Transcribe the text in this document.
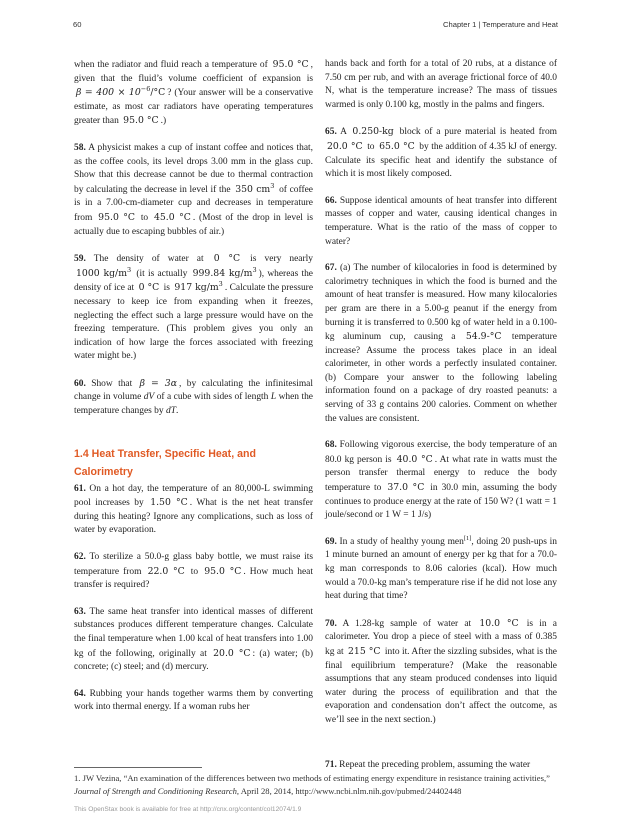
60	Chapter 1 | Temperature and Heat

when the radiator and fluid reach a temperature of 95.0 °C , given that the fluid’s volume coefficient of expansion is $\beta = 400 \times 10^{-6}/^\circ C$ ? (Your answer will be a conservative estimate, as most car radiators have operating temperatures greater than 95.0 °C .)

58. A physicist makes a cup of instant coffee and notices that, as the coffee cools, its level drops 3.00 mm in the glass cup. Show that this decrease cannot be due to thermal contraction by calculating the decrease in level if the 350 $cm^3$ of coffee is in a 7.00-cm-diameter cup and decreases in temperature from 95.0 °C to 45.0 °C . (Most of the drop in level is actually due to escaping bubbles of air.)

59. The density of water at 0 °C is very nearly 1000 $kg/m^3$ (it is actually 999.84 $kg/m^3$ ), whereas the density of ice at 0 °C is 917 $kg/m^3$ . Calculate the pressure necessary to keep ice from expanding when it freezes, neglecting the effect such a large pressure would have on the freezing temperature. (This problem gives you only an indication of how large the forces associated with freezing water might be.)

60. Show that β = 3α , by calculating the infinitesimal change in volume dV of a cube with sides of length L when the temperature changes by dT.

1.4 Heat Transfer, Specific Heat, and Calorimetry

61. On a hot day, the temperature of an 80,000-L swimming pool increases by 1.50 °C . What is the net heat transfer during this heating? Ignore any complications, such as loss of water by evaporation.

62. To sterilize a 50.0-g glass baby bottle, we must raise its temperature from 22.0 °C to 95.0 °C . How much heat transfer is required?

63. The same heat transfer into identical masses of different substances produces different temperature changes. Calculate the final temperature when 1.00 kcal of heat transfers into 1.00 kg of the following, originally at 20.0 °C : (a) water; (b) concrete; (c) steel; and (d) mercury.

64. Rubbing your hands together warms them by converting work into thermal energy. If a woman rubs her

hands back and forth for a total of 20 rubs, at a distance of 7.50 cm per rub, and with an average frictional force of 40.0 N, what is the temperature increase? The mass of tissues warmed is only 0.100 kg, mostly in the palms and fingers.

65. A 0.250-kg block of a pure material is heated from 20.0 °C to 65.0 °C by the addition of 4.35 kJ of energy. Calculate its specific heat and identify the substance of which it is most likely composed.

66. Suppose identical amounts of heat transfer into different masses of copper and water, causing identical changes in temperature. What is the ratio of the mass of copper to water?

67. (a) The number of kilocalories in food is determined by calorimetry techniques in which the food is burned and the amount of heat transfer is measured. How many kilocalories per gram are there in a 5.00-g peanut if the energy from burning it is transferred to 0.500 kg of water held in a 0.100-kg aluminum cup, causing a 54.9-°C temperature increase? Assume the process takes place in an ideal calorimeter, in other words a perfectly insulated container. (b) Compare your answer to the following labeling information found on a package of dry roasted peanuts: a serving of 33 g contains 200 calories. Comment on whether the values are consistent.

68. Following vigorous exercise, the body temperature of an 80.0 kg person is 40.0 °C . At what rate in watts must the person transfer thermal energy to reduce the body temperature to 37.0 °C in 30.0 min, assuming the body continues to produce energy at the rate of 150 W? (1 watt = 1 joule/second or 1 W = 1 J/s)

69. In a study of healthy young men[1], doing 20 push-ups in 1 minute burned an amount of energy per kg that for a 70.0-kg man corresponds to 8.06 calories (kcal). How much would a 70.0-kg man’s temperature rise if he did not lose any heat during that time?

70. A 1.28-kg sample of water at 10.0 °C is in a calorimeter. You drop a piece of steel with a mass of 0.385 kg at 215 °C into it. After the sizzling subsides, what is the final equilibrium temperature? (Make the reasonable assumptions that any steam produced condenses into liquid water during the process of equilibration and that the evaporation and condensation don’t affect the outcome, as we’ll see in the next section.)

71. Repeat the preceding problem, assuming the water
1. JW Vezina, “An examination of the differences between two methods of estimating energy expenditure in resistance training activities,” Journal of Strength and Conditioning Research, April 28, 2014, http://www.ncbi.nlm.nih.gov/pubmed/24402448
This OpenStax book is available for free at http://cnx.org/content/col12074/1.9
